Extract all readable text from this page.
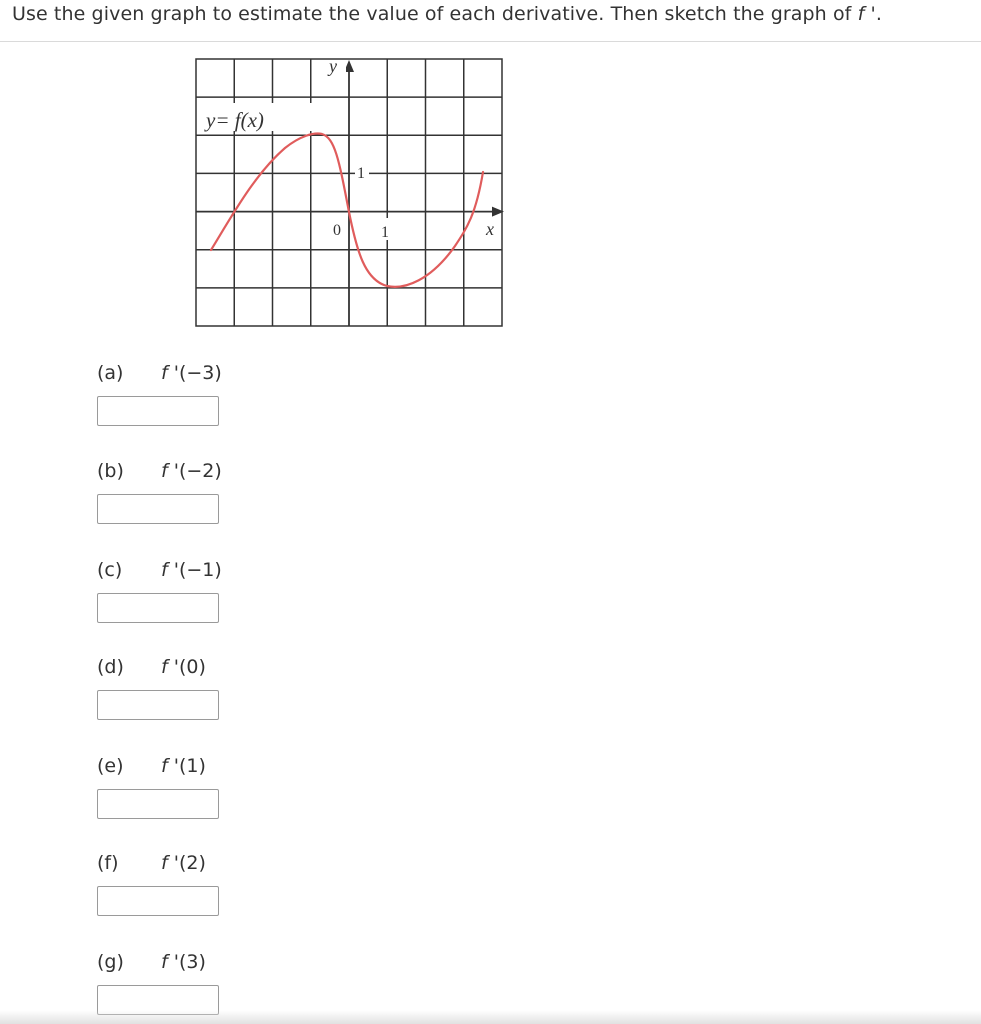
Use the given graph to estimate the value of each derivative. Then sketch the graph of f '.
y= f(x)
y
1
0	1	x
(a) f '(−3)
(b) f '(−2)
(c) f '(−1)
(d) f '(0)
(e) f '(1)
(f) f '(2)
(g) f '(3)
